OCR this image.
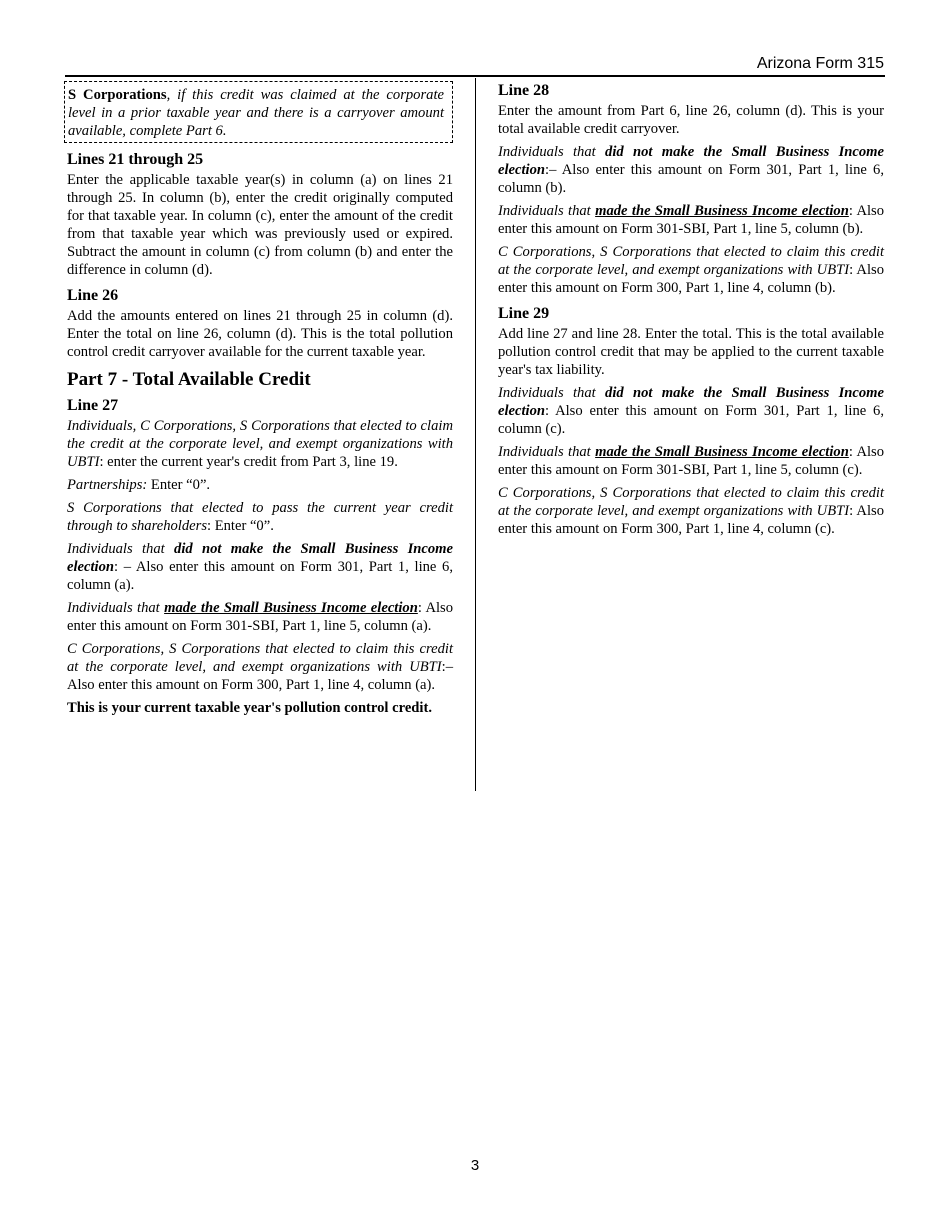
Arizona Form 315
S Corporations, if this credit was claimed at the corporate level in a prior taxable year and there is a carryover amount available, complete Part 6.
Lines 21 through 25

Enter the applicable taxable year(s) in column (a) on lines 21 through 25. In column (b), enter the credit originally computed for that taxable year. In column (c), enter the amount of the credit from that taxable year which was previously used or expired. Subtract the amount in column (c) from column (b) and enter the difference in column (d).

Line 26

Add the amounts entered on lines 21 through 25 in column (d). Enter the total on line 26, column (d). This is the total pollution control credit carryover available for the current taxable year.

Part 7 - Total Available Credit
Line 27

Individuals, C Corporations, S Corporations that elected to claim the credit at the corporate level, and exempt organizations with UBTI: enter the current year's credit from Part 3, line 19.

Partnerships: Enter “0”.

S Corporations that elected to pass the current year credit through to shareholders: Enter “0”.

Individuals that did not make the Small Business Income election: – Also enter this amount on Form 301, Part 1, line 6, column (a).

Individuals that made the Small Business Income election: Also enter this amount on Form 301-SBI, Part 1, line 5, column (a).

C Corporations, S Corporations that elected to claim this credit at the corporate level, and exempt organizations with UBTI:– Also enter this amount on Form 300, Part 1, line 4, column (a).

This is your current taxable year's pollution control credit.

Line 28

Enter the amount from Part 6, line 26, column (d). This is your total available credit carryover.

Individuals that did not make the Small Business Income election:– Also enter this amount on Form 301, Part 1, line 6, column (b).

Individuals that made the Small Business Income election: Also enter this amount on Form 301-SBI, Part 1, line 5, column (b).

C Corporations, S Corporations that elected to claim this credit at the corporate level, and exempt organizations with UBTI: Also enter this amount on Form 300, Part 1, line 4, column (b).

Line 29

Add line 27 and line 28. Enter the total. This is the total available pollution control credit that may be applied to the current taxable year's tax liability.

Individuals that did not make the Small Business Income election: Also enter this amount on Form 301, Part 1, line 6, column (c).

Individuals that made the Small Business Income election: Also enter this amount on Form 301-SBI, Part 1, line 5, column (c).

C Corporations, S Corporations that elected to claim this credit at the corporate level, and exempt organizations with UBTI: Also enter this amount on Form 300, Part 1, line 4, column (c).

3
